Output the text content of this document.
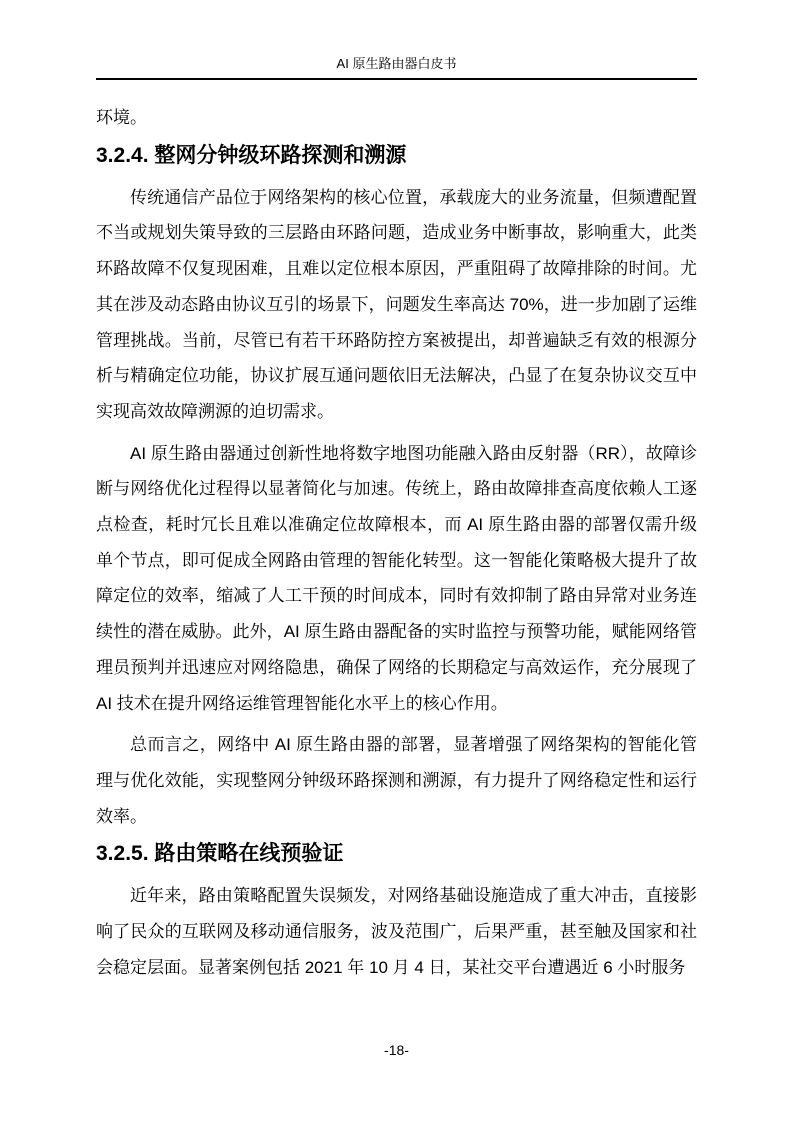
AI 原生路由器白皮书

环境。

3.2.4. 整网分钟级环路探测和溯源

传统通信产品位于网络架构的核心位置，承载庞大的业务流量，但频遭配置不当或规划失策导致的三层路由环路问题，造成业务中断事故，影响重大，此类环路故障不仅复现困难，且难以定位根本原因，严重阻碍了故障排除的时间。尤其在涉及动态路由协议互引的场景下，问题发生率高达 70%，进一步加剧了运维管理挑战。当前，尽管已有若干环路防控方案被提出，却普遍缺乏有效的根源分析与精确定位功能，协议扩展互通问题依旧无法解决，凸显了在复杂协议交互中实现高效故障溯源的迫切需求。

AI 原生路由器通过创新性地将数字地图功能融入路由反射器（RR），故障诊断与网络优化过程得以显著简化与加速。传统上，路由故障排查高度依赖人工逐点检查，耗时冗长且难以准确定位故障根本，而 AI 原生路由器的部署仅需升级单个节点，即可促成全网路由管理的智能化转型。这一智能化策略极大提升了故障定位的效率，缩减了人工干预的时间成本，同时有效抑制了路由异常对业务连续性的潜在威胁。此外，AI 原生路由器配备的实时监控与预警功能，赋能网络管理员预判并迅速应对网络隐患，确保了网络的长期稳定与高效运作，充分展现了 AI 技术在提升网络运维管理智能化水平上的核心作用。

总而言之，网络中 AI 原生路由器的部署，显著增强了网络架构的智能化管理与优化效能，实现整网分钟级环路探测和溯源，有力提升了网络稳定性和运行效率。

3.2.5. 路由策略在线预验证

近年来，路由策略配置失误频发，对网络基础设施造成了重大冲击，直接影响了民众的互联网及移动通信服务，波及范围广，后果严重，甚至触及国家和社会稳定层面。显著案例包括 2021 年 10 月 4 日，某社交平台遭遇近 6 小时服务

-18-
